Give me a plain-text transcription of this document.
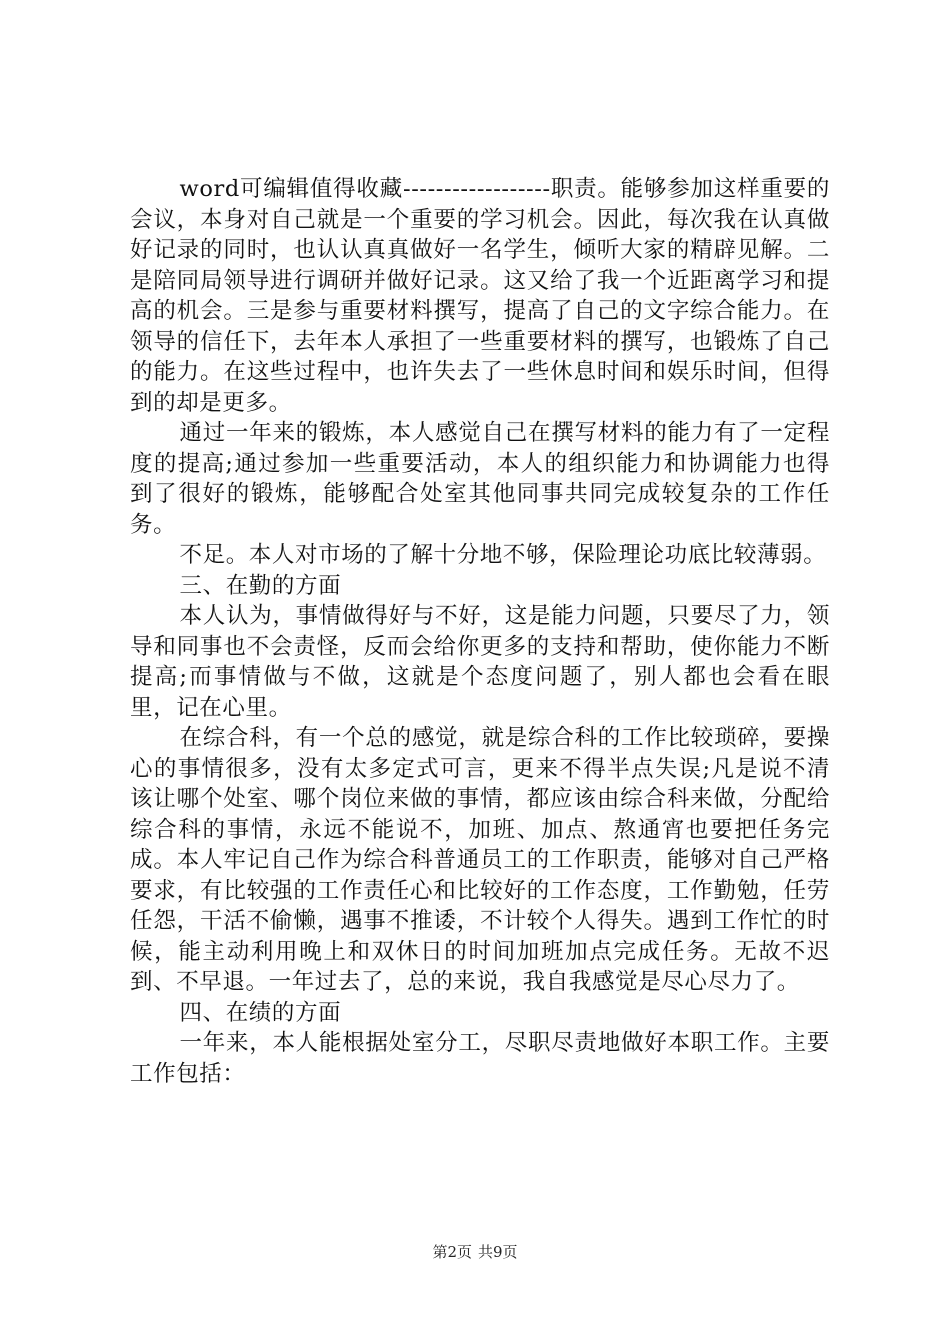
word可编辑值得收藏------------------职责。能够参加这样重要的会议，本身对自己就是一个重要的学习机会。因此，每次我在认真做好记录的同时，也认认真真做好一名学生，倾听大家的精辟见解。二是陪同局领导进行调研并做好记录。这又给了我一个近距离学习和提高的机会。三是参与重要材料撰写，提高了自己的文字综合能力。在领导的信任下，去年本人承担了一些重要材料的撰写，也锻炼了自己的能力。在这些过程中，也许失去了一些休息时间和娱乐时间，但得到的却是更多。

通过一年来的锻炼，本人感觉自己在撰写材料的能力有了一定程度的提高;通过参加一些重要活动，本人的组织能力和协调能力也得到了很好的锻炼，能够配合处室其他同事共同完成较复杂的工作任务。

不足。本人对市场的了解十分地不够，保险理论功底比较薄弱。

三、在勤的方面

本人认为，事情做得好与不好，这是能力问题，只要尽了力，领导和同事也不会责怪，反而会给你更多的支持和帮助，使你能力不断提高;而事情做与不做，这就是个态度问题了，别人都也会看在眼里，记在心里。

在综合科，有一个总的感觉，就是综合科的工作比较琐碎，要操心的事情很多，没有太多定式可言，更来不得半点失误;凡是说不清该让哪个处室、哪个岗位来做的事情，都应该由综合科来做，分配给综合科的事情，永远不能说不，加班、加点、熬通宵也要把任务完成。本人牢记自己作为综合科普通员工的工作职责，能够对自己严格要求，有比较强的工作责任心和比较好的工作态度，工作勤勉，任劳任怨，干活不偷懒，遇事不推诿，不计较个人得失。遇到工作忙的时候，能主动利用晚上和双休日的时间加班加点完成任务。无故不迟到、不早退。一年过去了，总的来说，我自我感觉是尽心尽力了。

四、在绩的方面

一年来，本人能根据处室分工，尽职尽责地做好本职工作。主要工作包括：

第2页 共9页
